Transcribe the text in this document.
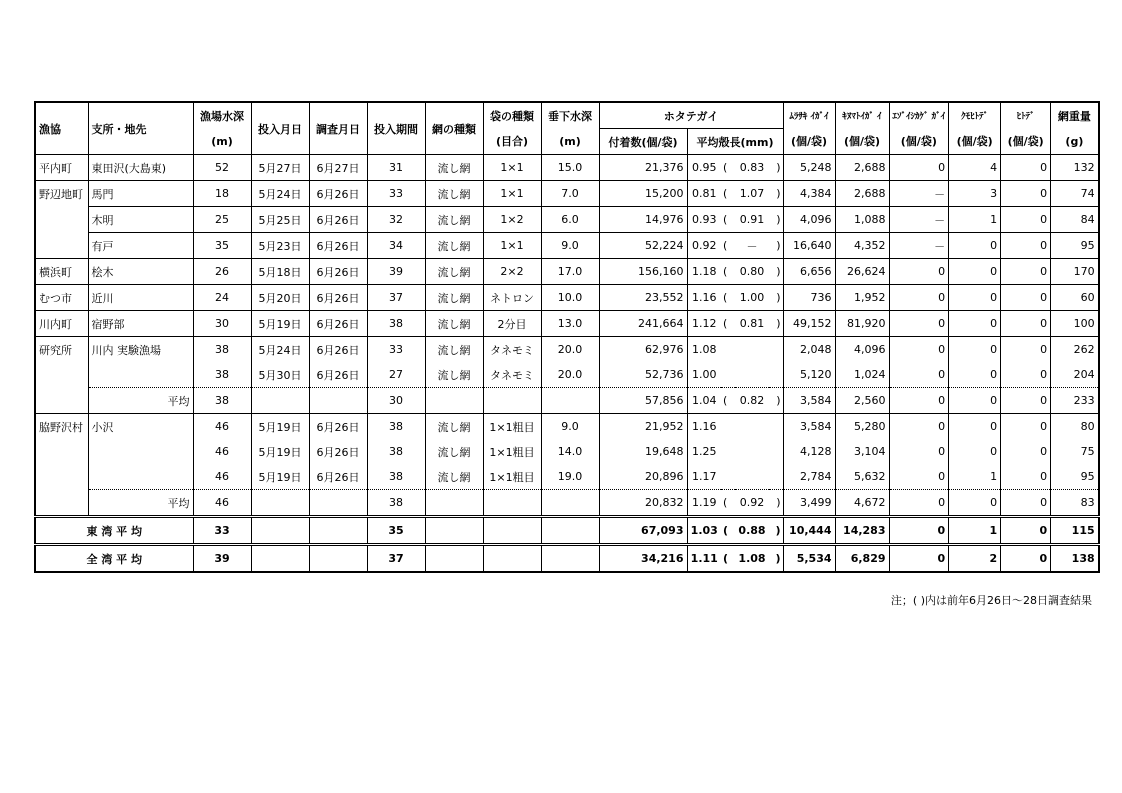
漁協	支所・地先	漁場水深	投入月日	調査月日	投入期間	網の種類	袋の種類	垂下水深	ホタテガイ					ﾑﾗｻｷ ｲｶﾞｲ	ｷﾇﾏﾄｲｶﾞ ｲ	ｴｿﾞｲｼｶｹﾞ ｶﾞｲ	ｸﾓﾋﾄﾃﾞ	ﾋﾄﾃﾞ	網重量
		(m)					(目合)	(m)	付着数(個/袋)	平均殻長(mm)				(個/袋)	(個/袋)	(個/袋)	(個/袋)	(個/袋)	(g)
平内町	東田沢(大島東)	52	5月27日	6月27日	31	流し網	1×1	15.0	21,376	0.95	(	0.83	)	5,248	2,688	0	4	0	132
野辺地町	馬門	18	5月24日	6月26日	33	流し網	1×1	7.0	15,200	0.81	(	1.07	)	4,384	2,688	－	3	0	74
	木明	25	5月25日	6月26日	32	流し網	1×2	6.0	14,976	0.93	(	0.91	)	4,096	1,088	－	1	0	84
	有戸	35	5月23日	6月26日	34	流し網	1×1	9.0	52,224	0.92	(	－	)	16,640	4,352	－	0	0	95
横浜町	桧木	26	5月18日	6月26日	39	流し網	2×2	17.0	156,160	1.18	(	0.80	)	6,656	26,624	0	0	0	170
むつ市	近川	24	5月20日	6月26日	37	流し網	ネトロン	10.0	23,552	1.16	(	1.00	)	736	1,952	0	0	0	60
川内町	宿野部	30	5月19日	6月26日	38	流し網	2分目	13.0	241,664	1.12	(	0.81	)	49,152	81,920	0	0	0	100
研究所	川内 実験漁場	38	5月24日	6月26日	33	流し網	タネモミ	20.0	62,976	1.08				2,048	4,096	0	0	0	262
		38	5月30日	6月26日	27	流し網	タネモミ	20.0	52,736	1.00				5,120	1,024	0	0	0	204
	平均	38			30				57,856	1.04	(	0.82	)	3,584	2,560	0	0	0	233
脇野沢村	小沢	46	5月19日	6月26日	38	流し網	1×1粗目	9.0	21,952	1.16				3,584	5,280	0	0	0	80
		46	5月19日	6月26日	38	流し網	1×1粗目	14.0	19,648	1.25				4,128	3,104	0	0	0	75
		46	5月19日	6月26日	38	流し網	1×1粗目	19.0	20,896	1.17				2,784	5,632	0	1	0	95
	平均	46			38				20,832	1.19	(	0.92	)	3,499	4,672	0	0	0	83
東 湾 平 均		33			35				67,093	1.03	(	0.88	)	10,444	14,283	0	1	0	115
全 湾 平 均		39			37				34,216	1.11	(	1.08	)	5,534	6,829	0	2	0	138
注；( )内は前年6月26日～28日調査結果
